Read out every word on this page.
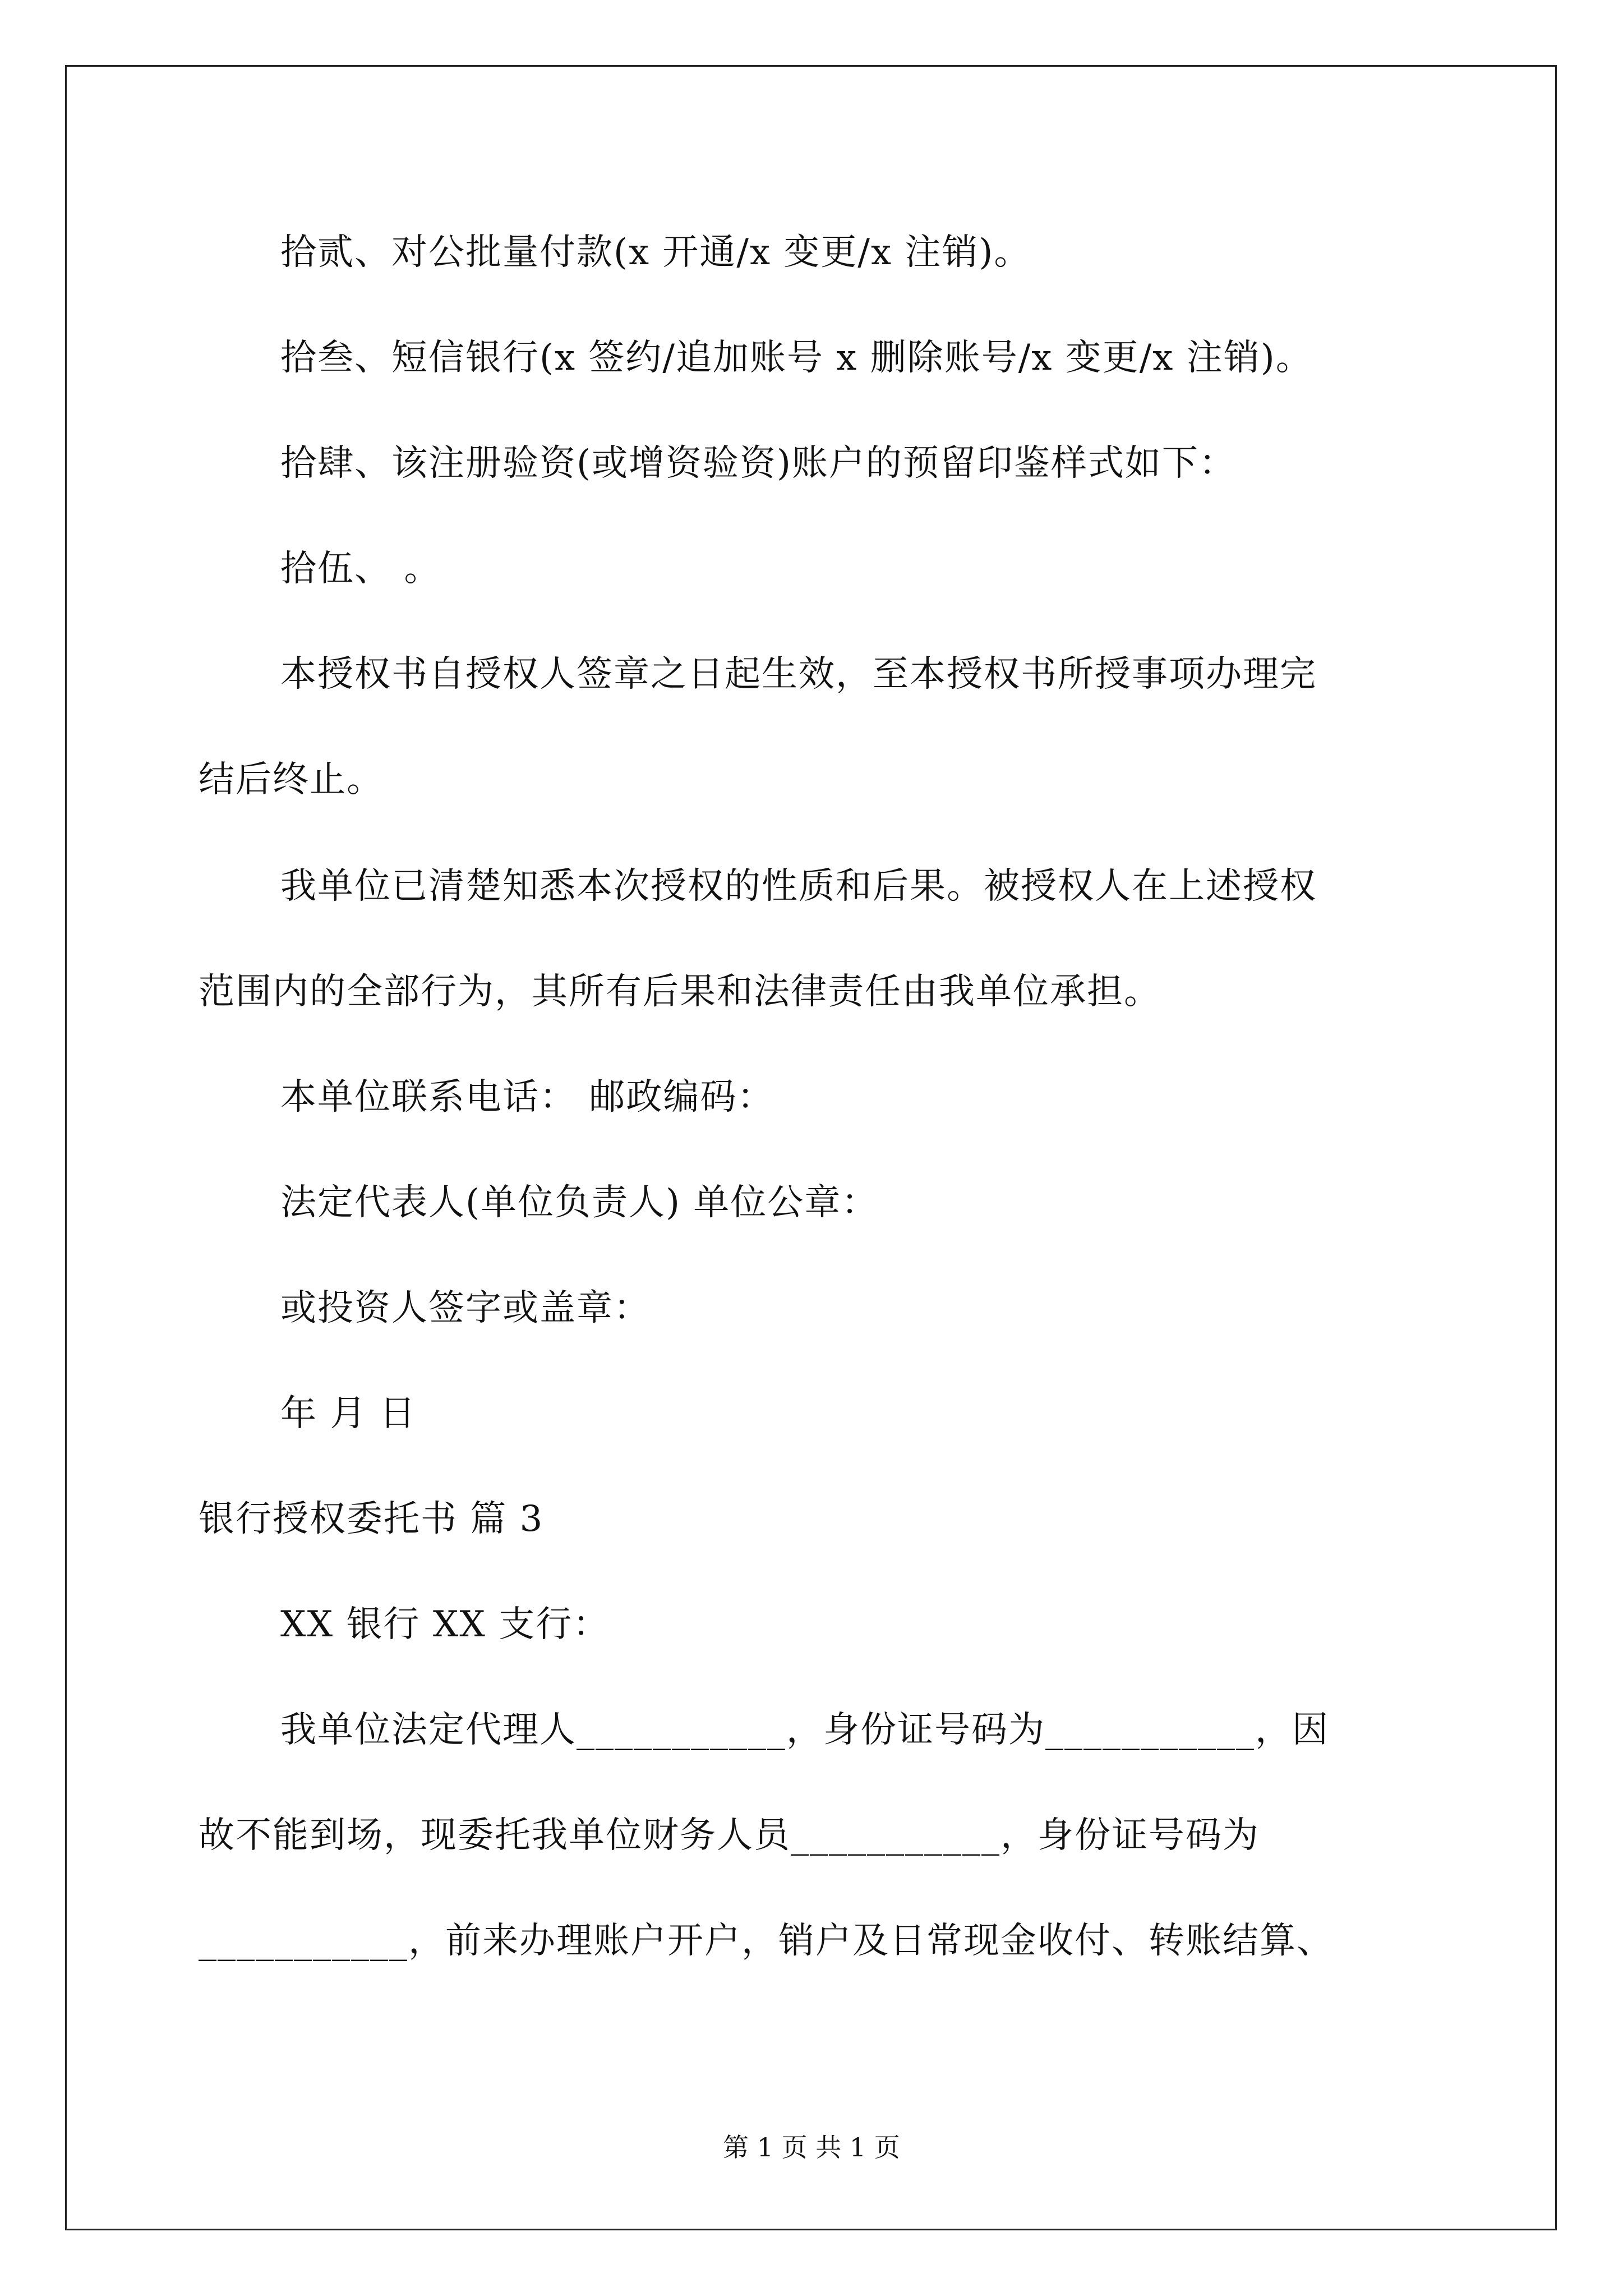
拾贰、对公批量付款(x 开通/x 变更/x 注销)。
拾叁、短信银行(x 签约/追加账号 x 删除账号/x 变更/x 注销)。
拾肆、该注册验资(或增资验资)账户的预留印鉴样式如下：
拾伍、 。
本授权书自授权人签章之日起生效，至本授权书所授事项办理完
结后终止。
我单位已清楚知悉本次授权的性质和后果。被授权人在上述授权
范围内的全部行为，其所有后果和法律责任由我单位承担。
本单位联系电话： 邮政编码：
法定代表人(单位负责人) 单位公章：
或投资人签字或盖章：
年 月 日
银行授权委托书 篇 3
XX 银行 XX 支行：
我单位法定代理人___________，身份证号码为___________，因
故不能到场，现委托我单位财务人员___________，身份证号码为
___________，前来办理账户开户，销户及日常现金收付、转账结算、
第 1 页 共 1 页
